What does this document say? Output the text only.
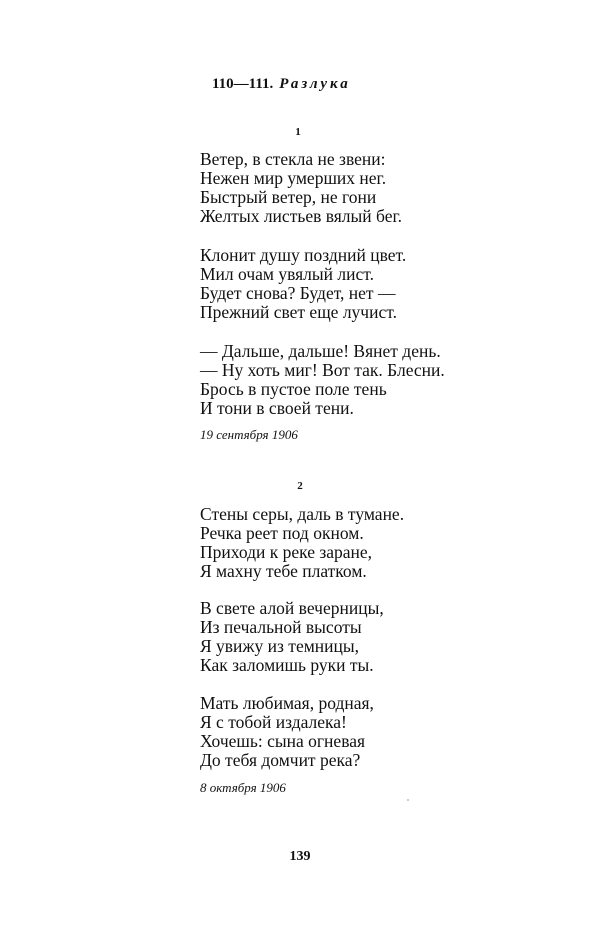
110—111. Разлука
1
Ветер, в стекла не звени:
Нежен мир умерших нег.
Быстрый ветер, не гони
Желтых листьев вялый бег.
Клонит душу поздний цвет.
Мил очам увялый лист.
Будет снова? Будет, нет —
Прежний свет еще лучист.
— Дальше, дальше! Вянет день.
— Ну хоть миг! Вот так. Блесни.
Брось в пустое поле тень
И тони в своей тени.
19 сентября 1906
2
Стены серы, даль в тумане.
Речка реет под окном.
Приходи к реке заране,
Я махну тебе платком.
В свете алой вечерницы,
Из печальной высоты
Я увижу из темницы,
Как заломишь руки ты.
Мать любимая, родная,
Я с тобой издалека!
Хочешь: сына огневая
До тебя домчит река?
8 октября 1906
139
